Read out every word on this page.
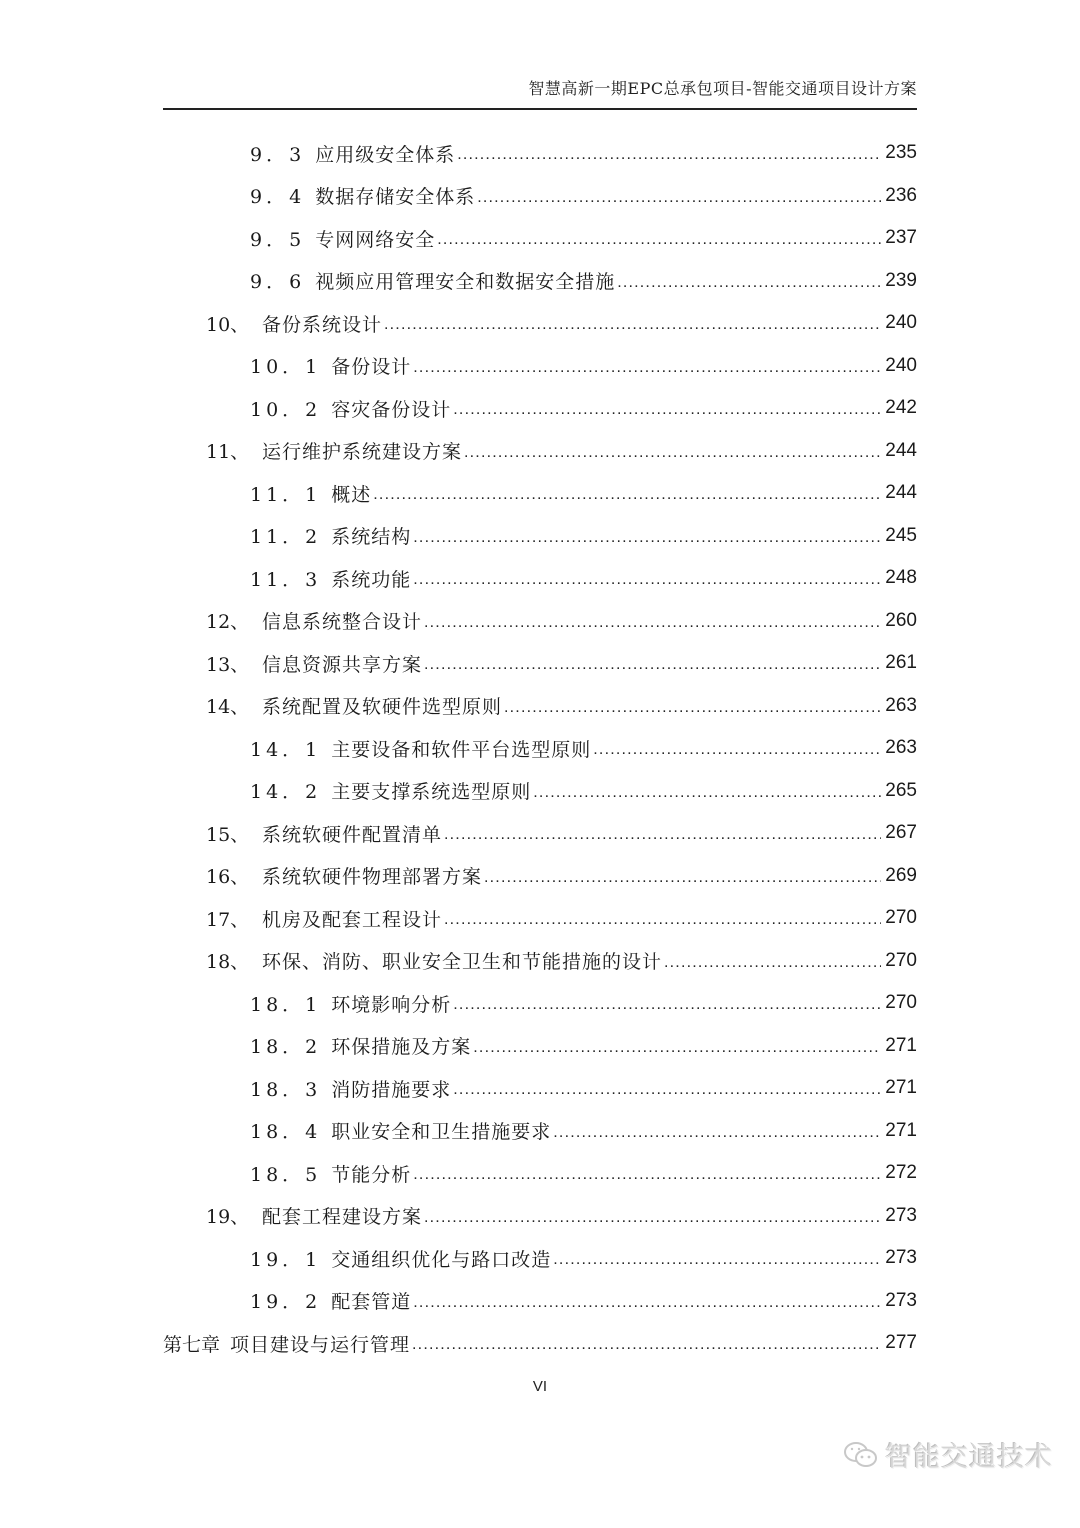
智慧高新一期EPC总承包项目-智能交通项目设计方案
9．3 应用级安全体系 .....	235
9．4 数据存储安全体系 .....	236
9．5 专网网络安全 .....	237
9．6 视频应用管理安全和数据安全措施 .....	239
10、 备份系统设计 .....	240
10．1 备份设计 .....	240
10．2 容灾备份设计 .....	242
11、 运行维护系统建设方案 .....	244
11．1 概述 .....	244
11．2 系统结构 .....	245
11．3 系统功能 .....	248
12、 信息系统整合设计 .....	260
13、 信息资源共享方案 .....	261
14、 系统配置及软硬件选型原则 .....	263
14．1 主要设备和软件平台选型原则 .....	263
14．2 主要支撑系统选型原则 .....	265
15、 系统软硬件配置清单 .....	267
16、 系统软硬件物理部署方案 .....	269
17、 机房及配套工程设计 .....	270
18、 环保、消防、职业安全卫生和节能措施的设计 .....	270
18．1 环境影响分析 .....	270
18．2 环保措施及方案 .....	271
18．3 消防措施要求 .....	271
18．4 职业安全和卫生措施要求 .....	271
18．5 节能分析 .....	272
19、 配套工程建设方案 .....	273
19．1 交通组织优化与路口改造 .....	273
19．2 配套管道 .....	273
第七章 项目建设与运行管理 .....	277
VI
智能交通技术
